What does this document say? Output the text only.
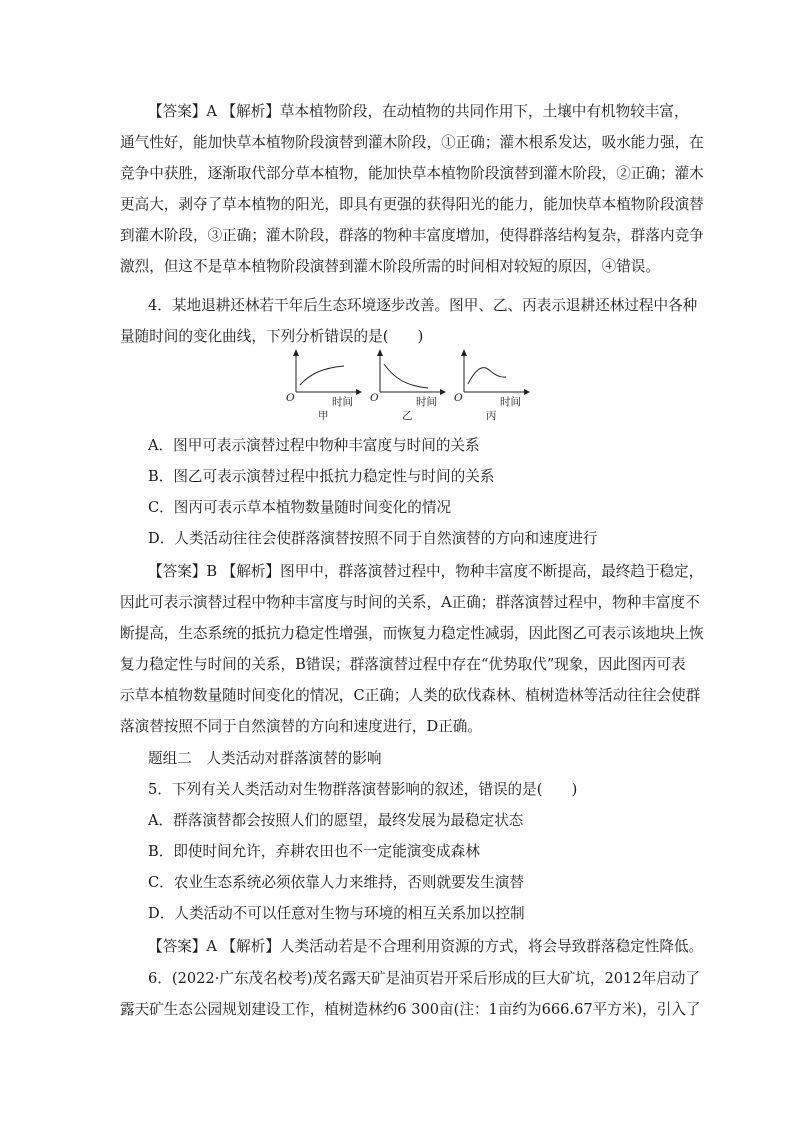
【答案】A 【解析】草本植物阶段，在动植物的共同作用下，土壤中有机物较丰富，

通气性好，能加快草本植物阶段演替到灌木阶段，①正确；灌木根系发达，吸水能力强，在

竞争中获胜，逐渐取代部分草本植物，能加快草本植物阶段演替到灌木阶段，②正确；灌木

更高大，剥夺了草本植物的阳光，即具有更强的获得阳光的能力，能加快草本植物阶段演替

到灌木阶段，③正确；灌木阶段，群落的物种丰富度增加，使得群落结构复杂，群落内竞争

激烈，但这不是草本植物阶段演替到灌木阶段所需的时间相对较短的原因，④错误。

4．某地退耕还林若干年后生态环境逐步改善。图甲、乙、丙表示退耕还林过程中各种

量随时间的变化曲线，下列分析错误的是(　　)

O	时间
甲
O	时间
乙
O	时间
丙

A．图甲可表示演替过程中物种丰富度与时间的关系

B．图乙可表示演替过程中抵抗力稳定性与时间的关系

C．图丙可表示草本植物数量随时间变化的情况

D．人类活动往往会使群落演替按照不同于自然演替的方向和速度进行

【答案】B 【解析】图甲中，群落演替过程中，物种丰富度不断提高，最终趋于稳定，

因此可表示演替过程中物种丰富度与时间的关系，A正确；群落演替过程中，物种丰富度不

断提高，生态系统的抵抗力稳定性增强，而恢复力稳定性减弱，因此图乙可表示该地块上恢

复力稳定性与时间的关系，B错误；群落演替过程中存在“优势取代”现象，因此图丙可表

示草本植物数量随时间变化的情况，C正确；人类的砍伐森林、植树造林等活动往往会使群

落演替按照不同于自然演替的方向和速度进行，D正确。

题组二　人类活动对群落演替的影响

5．下列有关人类活动对生物群落演替影响的叙述，错误的是(　　)

A．群落演替都会按照人们的愿望，最终发展为最稳定状态

B．即使时间允许，弃耕农田也不一定能演变成森林

C．农业生态系统必须依靠人力来维持，否则就要发生演替

D．人类活动不可以任意对生物与环境的相互关系加以控制

【答案】A 【解析】人类活动若是不合理利用资源的方式，将会导致群落稳定性降低。

6．(2022·广东茂名校考)茂名露天矿是油页岩开采后形成的巨大矿坑，2012年启动了

露天矿生态公园规划建设工作，植树造林约6 300亩(注：1亩约为666.67平方米)，引入了
